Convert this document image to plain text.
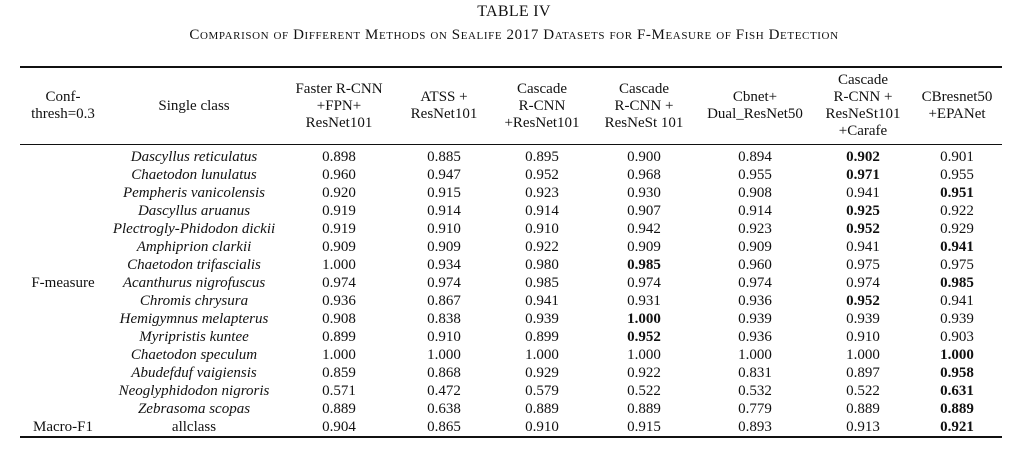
TABLE IV
Comparison of Different Methods on Sealife 2017 Datasets for F-Measure of Fish Detection
Conf-
thresh=0.3	Single class	Faster R-CNN
+FPN+
ResNet101	ATSS +
ResNet101	Cascade
R-CNN
+ResNet101	Cascade
R-CNN +
ResNeSt 101	Cbnet+
Dual_ResNet50	Cascade
R-CNN +
ResNeSt101
+Carafe	CBresnet50
+EPANet

F-measure	Dascyllus reticulatus	0.898	0.885	0.895	0.900	0.894	0.902	0.901
	Chaetodon lunulatus	0.960	0.947	0.952	0.968	0.955	0.971	0.955
	Pempheris vanicolensis	0.920	0.915	0.923	0.930	0.908	0.941	0.951
	Dascyllus aruanus	0.919	0.914	0.914	0.907	0.914	0.925	0.922
	Plectrogly-Phidodon dickii	0.919	0.910	0.910	0.942	0.923	0.952	0.929
	Amphiprion clarkii	0.909	0.909	0.922	0.909	0.909	0.941	0.941
	Chaetodon trifascialis	1.000	0.934	0.980	0.985	0.960	0.975	0.975
	Acanthurus nigrofuscus	0.974	0.974	0.985	0.974	0.974	0.974	0.985
	Chromis chrysura	0.936	0.867	0.941	0.931	0.936	0.952	0.941
	Hemigymnus melapterus	0.908	0.838	0.939	1.000	0.939	0.939	0.939
	Myripristis kuntee	0.899	0.910	0.899	0.952	0.936	0.910	0.903
	Chaetodon speculum	1.000	1.000	1.000	1.000	1.000	1.000	1.000
	Abudefduf vaigiensis	0.859	0.868	0.929	0.922	0.831	0.897	0.958
	Neoglyphidodon nigroris	0.571	0.472	0.579	0.522	0.532	0.522	0.631
	Zebrasoma scopas	0.889	0.638	0.889	0.889	0.779	0.889	0.889
Macro-F1	allclass	0.904	0.865	0.910	0.915	0.893	0.913	0.921
